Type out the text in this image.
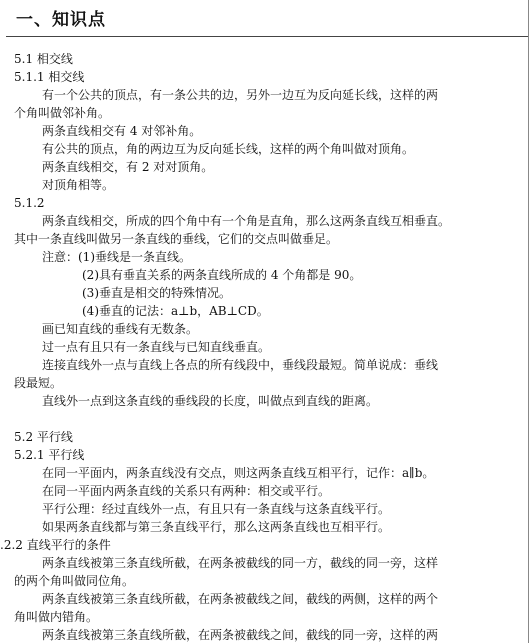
一、知识点
5.1 相交线
5.1.1 相交线
有一个公共的顶点，有一条公共的边，另外一边互为反向延长线，这样的两
个角叫做邻补角。
两条直线相交有 4 对邻补角。
有公共的顶点，角的两边互为反向延长线，这样的两个角叫做对顶角。
两条直线相交，有 2 对对顶角。
对顶角相等。
5.1.2
两条直线相交，所成的四个角中有一个角是直角，那么这两条直线互相垂直。
其中一条直线叫做另一条直线的垂线，它们的交点叫做垂足。
注意：(1)垂线是一条直线。
(2)具有垂直关系的两条直线所成的 4 个角都是 90。
(3)垂直是相交的特殊情况。
(4)垂直的记法：a⊥b，AB⊥CD。
画已知直线的垂线有无数条。
过一点有且只有一条直线与已知直线垂直。
连接直线外一点与直线上各点的所有线段中，垂线段最短。简单说成：垂线
段最短。
直线外一点到这条直线的垂线段的长度，叫做点到直线的距离。
5.2 平行线
5.2.1 平行线
在同一平面内，两条直线没有交点，则这两条直线互相平行，记作：a∥b。
在同一平面内两条直线的关系只有两种：相交或平行。
平行公理：经过直线外一点，有且只有一条直线与这条直线平行。
如果两条直线都与第三条直线平行，那么这两条直线也互相平行。
.2.2 直线平行的条件
两条直线被第三条直线所截，在两条被截线的同一方，截线的同一旁，这样
的两个角叫做同位角。
两条直线被第三条直线所截，在两条被截线之间，截线的两侧，这样的两个
角叫做内错角。
两条直线被第三条直线所截，在两条被截线之间，截线的同一旁，这样的两
